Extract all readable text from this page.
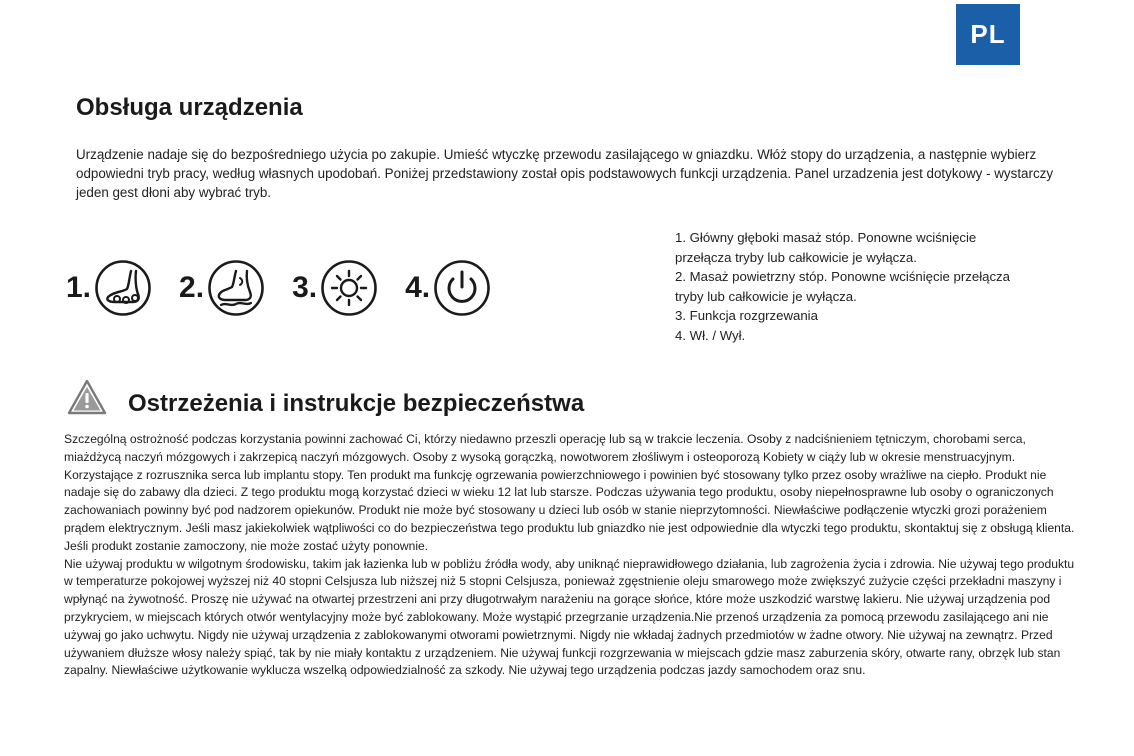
PL
Obsługa urządzenia

Urządzenie nadaje się do bezpośredniego użycia po zakupie. Umieść wtyczkę przewodu zasilającego w gniazdku. Włóż stopy do urządzenia, a następnie wybierz odpowiedni tryb pracy, według własnych upodobań. Poniżej przedstawiony został opis podstawowych funkcji urządzenia. Panel urzadzenia jest dotykowy - wystarczy jeden gest dłoni aby wybrać tryb.

1.	2.	3.	4.
1. Główny głęboki masaż stóp. Ponowne wciśnięcie przełącza tryby lub całkowicie je wyłącza.
2. Masaż powietrzny stóp. Ponowne wciśnięcie przełącza tryby lub całkowicie je wyłącza.
3. Funkcja rozgrzewania
4. Wł. / Wył.
Ostrzeżenia i instrukcje bezpieczeństwa

Szczególną ostrożność podczas korzystania powinni zachować Ci, którzy niedawno przeszli operację lub są w trakcie leczenia. Osoby z nadciśnieniem tętniczym, chorobami serca, miażdżycą naczyń mózgowych i zakrzepicą naczyń mózgowych. Osoby z wysoką gorączką, nowotworem złośliwym i osteoporozą Kobiety w ciąży lub w okresie menstruacyjnym. Korzystające z rozrusznika serca lub implantu stopy. Ten produkt ma funkcję ogrzewania powierzchniowego i powinien być stosowany tylko przez osoby wrażliwe na ciepło. Produkt nie nadaje się do zabawy dla dzieci. Z tego produktu mogą korzystać dzieci w wieku 12 lat lub starsze. Podczas używania tego produktu, osoby niepełnosprawne lub osoby o ograniczonych zachowaniach powinny być pod nadzorem opiekunów. Produkt nie może być stosowany u dzieci lub osób w stanie nieprzytomności. Niewłaściwe podłączenie wtyczki grozi porażeniem prądem elektrycznym. Jeśli masz jakiekolwiek wątpliwości co do bezpieczeństwa tego produktu lub gniazdko nie jest odpowiednie dla wtyczki tego produktu, skontaktuj się z obsługą klienta. Jeśli produkt zostanie zamoczony, nie może zostać użyty ponownie.

Nie używaj produktu w wilgotnym środowisku, takim jak łazienka lub w pobliżu źródła wody, aby uniknąć nieprawidłowego działania, lub zagrożenia życia i zdrowia. Nie używaj tego produktu w temperaturze pokojowej wyższej niż 40 stopni Celsjusza lub niższej niż 5 stopni Celsjusza, ponieważ zgęstnienie oleju smarowego może zwiększyć zużycie części przekładni maszyny i wpłynąć na żywotność. Proszę nie używać na otwartej przestrzeni ani przy długotrwałym narażeniu na gorące słońce, które może uszkodzić warstwę lakieru. Nie używaj urządzenia pod przykryciem, w miejscach których otwór wentylacyjny może być zablokowany. Może wystąpić przegrzanie urządzenia.Nie przenoś urządzenia za pomocą przewodu zasilającego ani nie używaj go jako uchwytu. Nigdy nie używaj urządzenia z zablokowanymi otworami powietrznymi. Nigdy nie wkładaj żadnych przedmiotów w żadne otwory. Nie używaj na zewnątrz. Przed używaniem dłuższe włosy należy spiąć, tak by nie miały kontaktu z urządzeniem. Nie używaj funkcji rozgrzewania w miejscach gdzie masz zaburzenia skóry, otwarte rany, obrzęk lub stan zapalny. Niewłaściwe użytkowanie wyklucza wszelką odpowiedzialność za szkody. Nie używaj tego urządzenia podczas jazdy samochodem oraz snu.
